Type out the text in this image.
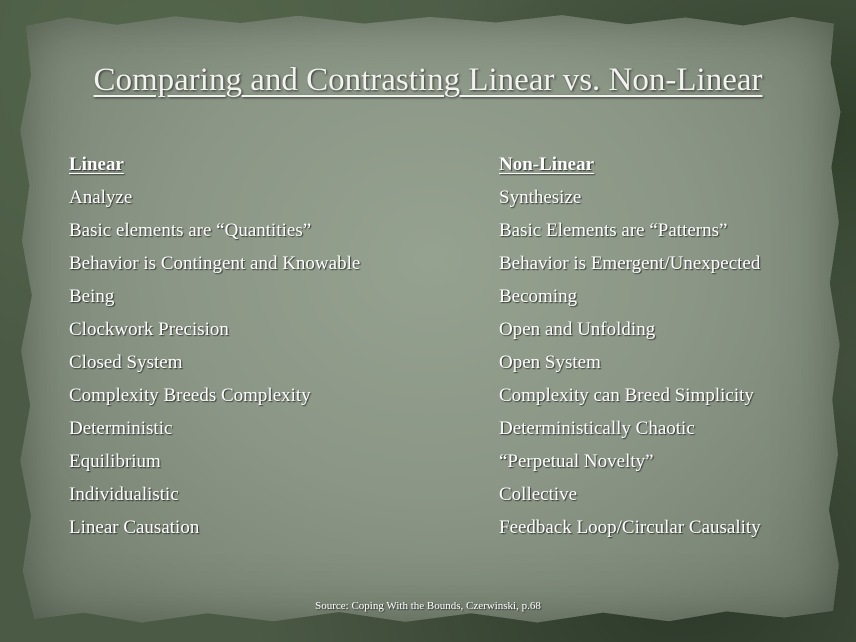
Comparing and Contrasting Linear vs. Non-Linear
Linear
Analyze
Basic elements are “Quantities”
Behavior is Contingent and Knowable
Being
Clockwork Precision
Closed System
Complexity Breeds Complexity
Deterministic
Equilibrium
Individualistic
Linear Causation
Non-Linear
Synthesize
Basic Elements are “Patterns”
Behavior is Emergent/Unexpected
Becoming
Open and Unfolding
Open System
Complexity can Breed Simplicity
Deterministically Chaotic
“Perpetual Novelty”
Collective
Feedback Loop/Circular Causality
Source: Coping With the Bounds, Czerwinski, p.68
